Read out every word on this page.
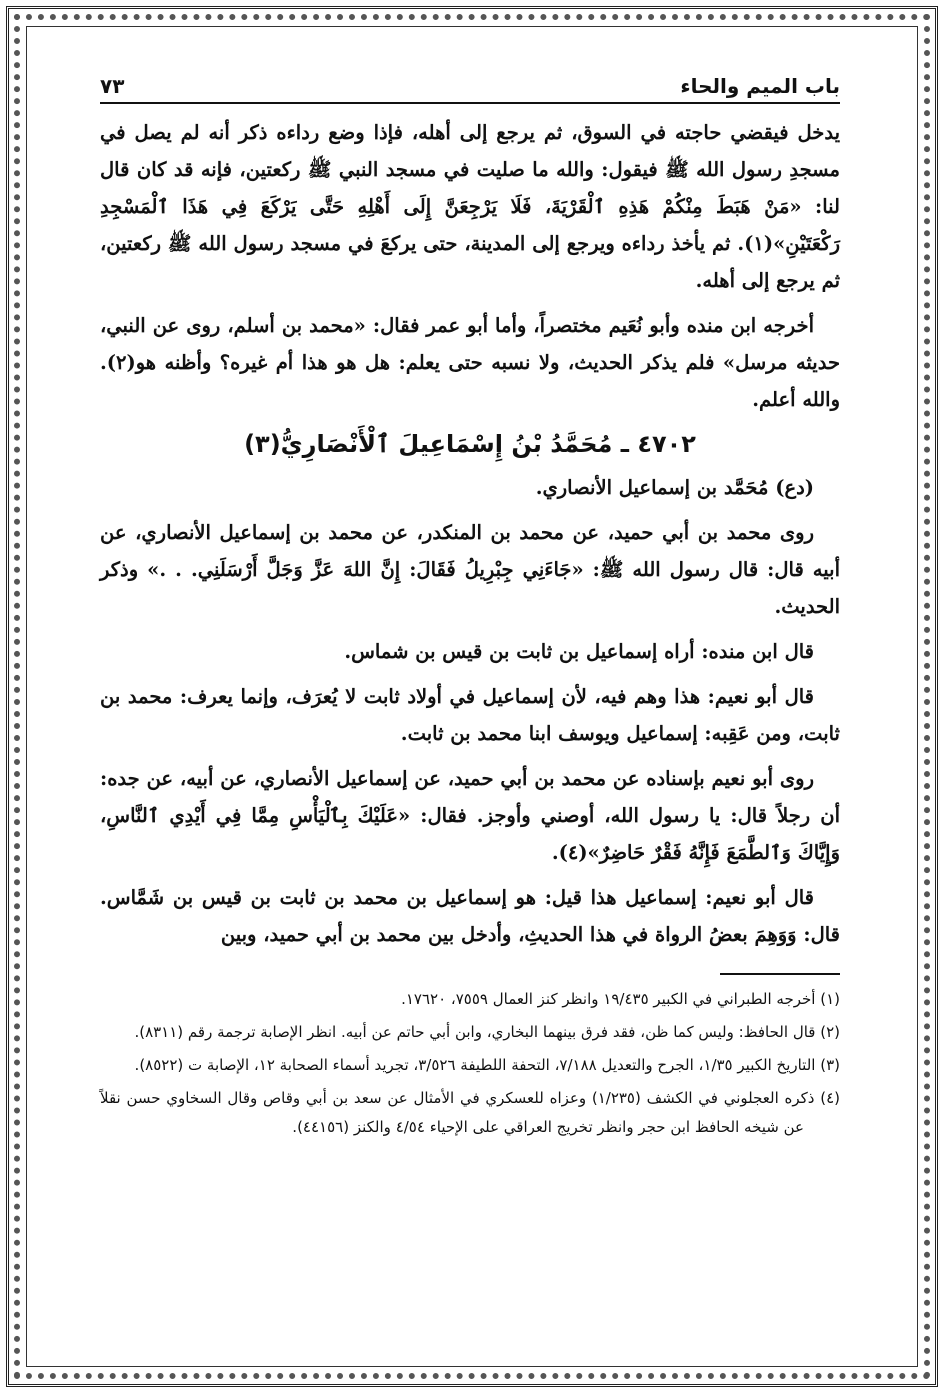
باب الميم والحاء
٧٣

يدخل فيقضي حاجته في السوق، ثم يرجع إلى أهله، فإذا وضع رداءه ذكر أنه لم يصل في مسجدِ رسول الله ﷺ فيقول: والله ما صليت في مسجد النبي ﷺ ركعتين، فإنه قد كان قال لنا: «مَنْ هَبَطَ مِنْكُمْ هَذِهِ ٱلْقَرْيَةَ، فَلَا يَرْجِعَنَّ إِلَى أَهْلِهِ حَتَّى يَرْكَعَ فِي هَذَا ٱلْمَسْجِدِ رَكْعَتَيْنِ»(١). ثم يأخذ رداءه ويرجع إلى المدينة، حتى يركعَ في مسجد رسول الله ﷺ ركعتين، ثم يرجع إلى أهله.

أخرجه ابن منده وأبو نُعَيم مختصراً، وأما أبو عمر فقال: «محمد بن أسلم، روى عن النبي، حديثه مرسل» فلم يذكر الحديث، ولا نسبه حتى يعلم: هل هو هذا أم غيره؟ وأظنه هو(٢). والله أعلم.

٤٧٠٢ ـ مُحَمَّدُ بْنُ إِسْمَاعِيلَ ٱلْأَنْصَارِيُّ(٣)

(دع) مُحَمَّد بن إسماعيل الأنصاري.

روى محمد بن أبي حميد، عن محمد بن المنكدر، عن محمد بن إسماعيل الأنصاري، عن أبيه قال: قال رسول الله ﷺ: «جَاءَنِي جِبْرِيلُ فَقَالَ: إِنَّ اللهَ عَزَّ وَجَلَّ أَرْسَلَنِي. . .» وذكر الحديث.

قال ابن منده: أراه إسماعيل بن ثابت بن قيس بن شماس.

قال أبو نعيم: هذا وهم فيه، لأن إسماعيل في أولاد ثابت لا يُعرَف، وإنما يعرف: محمد بن ثابت، ومن عَقِبه: إسماعيل ويوسف ابنا محمد بن ثابت.

روى أبو نعيم بإسناده عن محمد بن أبي حميد، عن إسماعيل الأنصاري، عن أبيه، عن جده: أن رجلاً قال: يا رسول الله، أوصني وأوجز. فقال: «عَلَيْكَ بِٱلْيَأْسِ مِمَّا فِي أَيْدِي ٱلنَّاسِ، وَإِيَّاكَ وَٱلطَّمَعَ فَإِنَّهُ فَقْرٌ حَاضِرٌ»(٤).

قال أبو نعيم: إسماعيل هذا قيل: هو إسماعيل بن محمد بن ثابت بن قيس بن شَمَّاس. قال: وَوَهِمَ بعضُ الرواة في هذا الحديثِ، وأدخل بين محمد بن أبي حميد، وبين

(١) أخرجه الطبراني في الكبير ١٩/٤٣٥ وانظر كنز العمال ٧٥٥٩، ١٧٦٢٠.

(٢) قال الحافظ: وليس كما ظن، فقد فرق بينهما البخاري، وابن أبي حاتم عن أبيه. انظر الإصابة ترجمة رقم (٨٣١١).

(٣) التاريخ الكبير ١/٣٥، الجرح والتعديل ٧/١٨٨، التحفة اللطيفة ٣/٥٢٦، تجريد أسماء الصحابة ١٢، الإصابة ت (٨٥٢٢).

(٤) ذكره العجلوني في الكشف (١/٢٣٥) وعزاه للعسكري في الأمثال عن سعد بن أبي وقاص وقال السخاوي حسن نقلاً عن شيخه الحافظ ابن حجر وانظر تخريج العراقي على الإحياء ٤/٥٤ والكنز (٤٤١٥٦).
